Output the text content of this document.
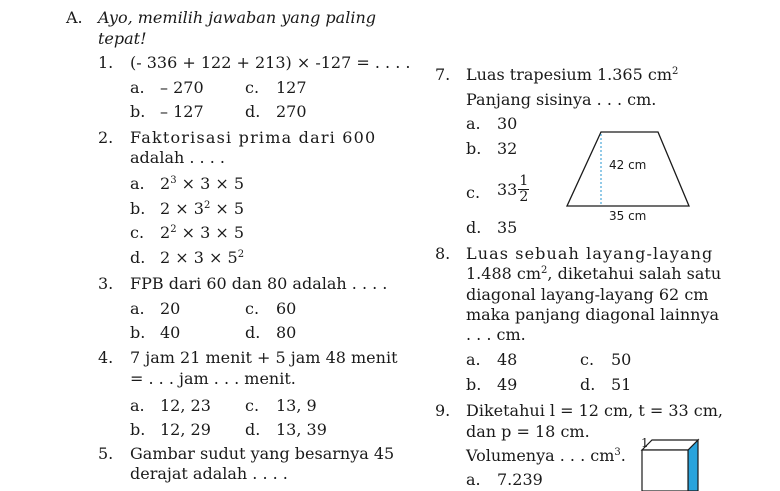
A. Ayo, memilih jawaban yang paling
tepat!
1. (- 336 + 122 + 213) × -127 = . . . .
a. – 270	c. 127
b. – 127	d. 270
2. Faktorisasi prima dari 600
adalah . . . .
a. $2^3 \times 3 \times 5$
b. $2 \times 3^2 \times 5$
c. $2^2 \times 3 \times 5$
d. $2 \times 3 \times 5^2$
3. FPB dari 60 dan 80 adalah . . . .
a. 20	c. 60
b. 40	d. 80
4. 7 jam 21 menit + 5 jam 48 menit
= . . . jam . . . menit.
a. 12, 23 c. 13, 9
b. 12, 29 d. 13, 39
5. Gambar sudut yang besarnya 45
derajat adalah . . . .
7. Luas trapesium 1.365 $cm^2$
Panjang sisinya . . . cm.
a. 30
b. 32
c. $33 \frac{1}{2}$
d. 35
42 cm
35 cm
8. Luas sebuah layang-layang
1.488 $cm^2$, diketahui salah satu
diagonal layang-layang 62 cm
maka panjang diagonal lainnya
. . . cm.
a. 48	c. 50
b. 49	d. 51
9. Diketahui l = 12 cm, t = 33 cm,
dan p = 18 cm.
Volumenya . . . $cm^3$.
a. 7.239
1
